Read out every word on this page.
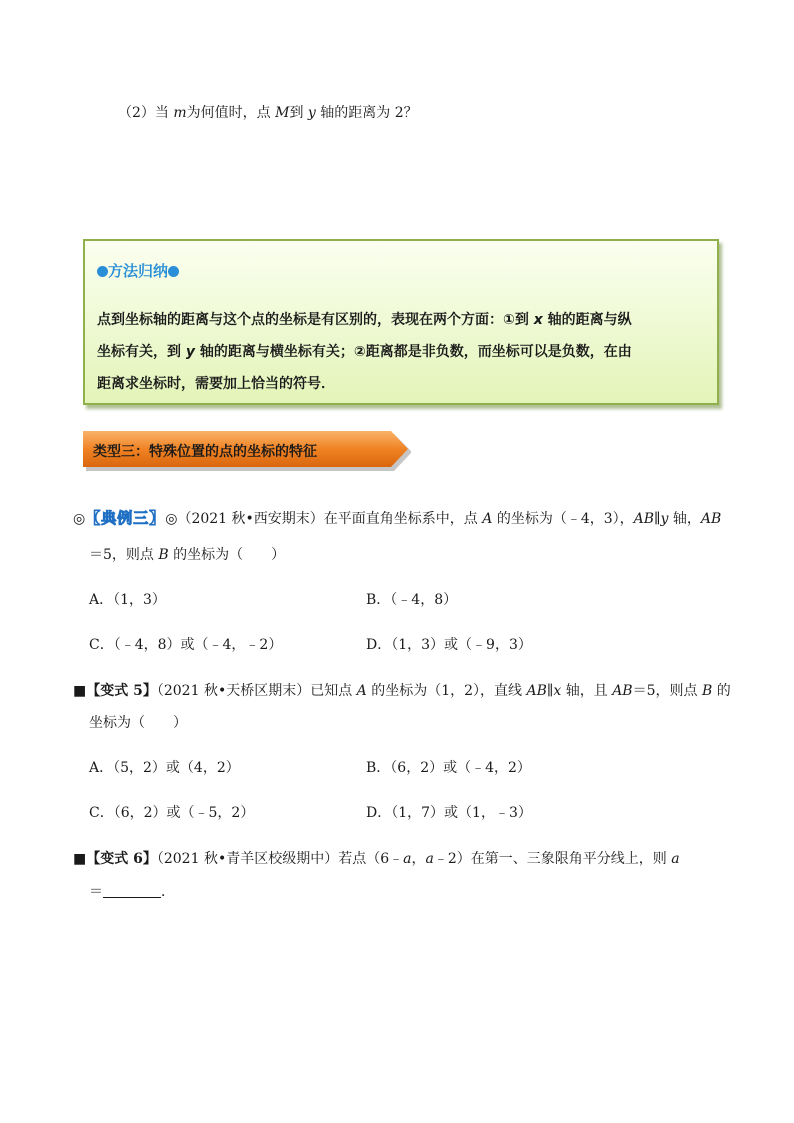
（2）当 m为何值时，点 M到 y 轴的距离为 2？
方法归纳
点到坐标轴的距离与这个点的坐标是有区别的，表现在两个方面：①到 x 轴的距离与纵
坐标有关，到 y 轴的距离与横坐标有关；②距离都是非负数，而坐标可以是负数，在由
距离求坐标时，需要加上恰当的符号．
类型三：特殊位置的点的坐标的特征
◎【典例三】◎（2021 秋•西安期末）在平面直角坐标系中，点 A 的坐标为（﹣4，3），AB∥y 轴，AB
＝5，则点 B 的坐标为（　　）
A．（1，3）	B．（﹣4，8）
C．（﹣4，8）或（﹣4，﹣2）	D．（1，3）或（﹣9，3）
■【变式 5】（2021 秋•天桥区期末）已知点 A 的坐标为（1，2），直线 AB∥x 轴，且 AB＝5，则点 B 的
坐标为（　　）
A．（5，2）或（4，2）	B．（6，2）或（﹣4，2）
C．（6，2）或（﹣5，2）	D．（1，7）或（1，﹣3）
■【变式 6】（2021 秋•青羊区校级期中）若点（6﹣a，a﹣2）在第一、三象限角平分线上，则 a
＝	．
